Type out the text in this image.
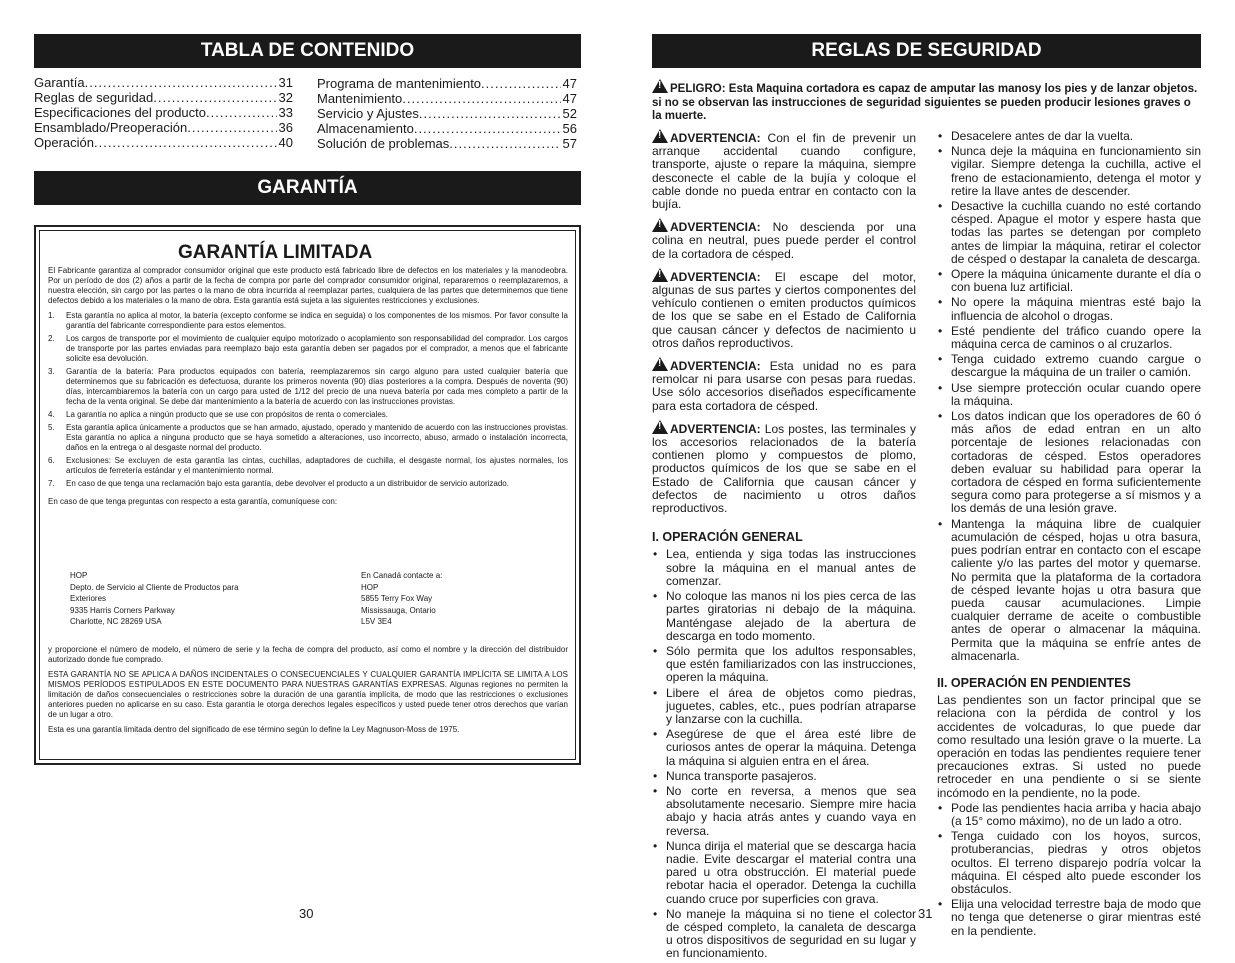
TABLA DE CONTENIDO
Garantía .....	31
Reglas de seguridad .....	32
Especificaciones del producto .....	33
Ensamblado/Preoperación .....	36
Operación .....	40
Programa de mantenimiento .....	47
Mantenimiento .....	47
Servicio y Ajustes .....	52
Almacenamiento .....	56
Solución de problemas .....	57
GARANTÍA
GARANTÍA LIMITADA

El Fabricante garantiza al comprador consumidor original que este producto está fabricado libre de defectos en los materiales y la manodeobra. Por un período de dos (2) años a partir de la fecha de compra por parte del comprador consumidor original, repararemos o reemplazaremos, a nuestra elección, sin cargo por las partes o la mano de obra incurrida al reemplazar partes, cualquiera de las partes que determinemos que tiene defectos debido a los materiales o la mano de obra. Esta garantía está sujeta a las siguientes restricciones y exclusiones.

1. Esta garantía no aplica al motor, la batería (excepto conforme se indica en seguida) o los componentes de los mismos. Por favor consulte la garantía del fabricante correspondiente para estos elementos.
2. Los cargos de transporte por el movimiento de cualquier equipo motorizado o acoplamiento son responsabilidad del comprador. Los cargos de transporte por las partes enviadas para reemplazo bajo esta garantía deben ser pagados por el comprador, a menos que el fabricante solicite esa devolución.
3. Garantía de la batería: Para productos equipados con batería, reemplazaremos sin cargo alguno para usted cualquier batería que determinemos que su fabricación es defectuosa, durante los primeros noventa (90) días posteriores a la compra. Después de noventa (90) días, intercambiaremos la batería con un cargo para usted de 1/12 del precio de una nueva batería por cada mes completo a partir de la fecha de la venta original. Se debe dar mantenimiento a la batería de acuerdo con las instrucciones provistas.
4. La garantía no aplica a ningún producto que se use con propósitos de renta o comerciales.
5. Esta garantía aplica únicamente a productos que se han armado, ajustado, operado y mantenido de acuerdo con las instrucciones provistas. Esta garantía no aplica a ninguna producto que se haya sometido a alteraciones, uso incorrecto, abuso, armado o instalación incorrecta, daños en la entrega o al desgaste normal del producto.
6. Exclusiones: Se excluyen de esta garantía las cintas, cuchillas, adaptadores de cuchilla, el desgaste normal, los ajustes normales, los artículos de ferretería estándar y el mantenimiento normal.
7. En caso de que tenga una reclamación bajo esta garantía, debe devolver el producto a un distribuidor de servicio autorizado.

En caso de que tenga preguntas con respecto a esta garantía, comuníquese con:

HOP
Depto. de Servicio al Cliente de Productos para
Exteriores
9335 Harris Corners Parkway
Charlotte, NC 28269 USA
En Canadá contacte a:
HOP
5855 Terry Fox Way
Mississauga, Ontario
L5V 3E4

y proporcione el número de modelo, el número de serie y la fecha de compra del producto, así como el nombre y la dirección del distribuidor autorizado donde fue comprado.

ESTA GARANTÍA NO SE APLICA A DAÑOS INCIDENTALES O CONSECUENCIALES Y CUALQUIER GARANTÍA IMPLÍCITA SE LIMITA A LOS MISMOS PERÍODOS ESTIPULADOS EN ESTE DOCUMENTO PARA NUESTRAS GARANTÍAS EXPRESAS. Algunas regiones no permiten la limitación de daños consecuenciales o restricciones sobre la duración de una garantía implícita, de modo que las restricciones o exclusiones anteriores pueden no aplicarse en su caso. Esta garantía le otorga derechos legales específicos y usted puede tener otros derechos que varían de un lugar a otro.

Esta es una garantía limitada dentro del significado de ese término según lo define la Ley Magnuson-Moss de 1975.

30
REGLAS DE SEGURIDAD
!PELIGRO: Esta Maquina cortadora es capaz de amputar las manosy los pies y de lanzar objetos. si no se observan las instrucciones de seguridad siguientes se pueden producir lesiones graves o la muerte.

!ADVERTENCIA: Con el fin de prevenir un arranque accidental cuando configure, transporte, ajuste o repare la máquina, siempre desconecte el cable de la bujía y coloque el cable donde no pueda entrar en contacto con la bujía.

!ADVERTENCIA: No descienda por una colina en neutral, pues puede perder el control de la cortadora de césped.

!ADVERTENCIA: El escape del motor, algunas de sus partes y ciertos componentes del vehículo contienen o emiten productos químicos de los que se sabe en el Estado de California que causan cáncer y defectos de nacimiento u otros daños reproductivos.

!ADVERTENCIA: Esta unidad no es para remolcar ni para usarse con pesas para ruedas. Use sólo accesorios diseñados específicamente para esta cortadora de césped.

!ADVERTENCIA: Los postes, las terminales y los accesorios relacionados de la batería contienen plomo y compuestos de plomo, productos químicos de los que se sabe en el Estado de California que causan cáncer y defectos de nacimiento u otros daños reproductivos.

I. OPERACIÓN GENERAL
• Lea, entienda y siga todas las instrucciones sobre la máquina en el manual antes de comenzar.
• No coloque las manos ni los pies cerca de las partes giratorias ni debajo de la máquina. Manténgase alejado de la abertura de descarga en todo momento.
• Sólo permita que los adultos responsables, que estén familiarizados con las instrucciones, operen la máquina.
• Libere el área de objetos como piedras, juguetes, cables, etc., pues podrían atraparse y lanzarse con la cuchilla.
• Asegúrese de que el área esté libre de curiosos antes de operar la máquina. Detenga la máquina si alguien entra en el área.
• Nunca transporte pasajeros.
• No corte en reversa, a menos que sea absolutamente necesario. Siempre mire hacia abajo y hacia atrás antes y cuando vaya en reversa.
• Nunca dirija el material que se descarga hacia nadie. Evite descargar el material contra una pared u otra obstrucción. El material puede rebotar hacia el operador. Detenga la cuchilla cuando cruce por superficies con grava.
• No maneje la máquina si no tiene el colector de césped completo, la canaleta de descarga u otros dispositivos de seguridad en su lugar y en funcionamiento.
• Desacelere antes de dar la vuelta.
• Nunca deje la máquina en funcionamiento sin vigilar. Siempre detenga la cuchilla, active el freno de estacionamiento, detenga el motor y retire la llave antes de descender.
• Desactive la cuchilla cuando no esté cortando césped. Apague el motor y espere hasta que todas las partes se detengan por completo antes de limpiar la máquina, retirar el colector de césped o destapar la canaleta de descarga.
• Opere la máquina únicamente durante el día o con buena luz artificial.
• No opere la máquina mientras esté bajo la influencia de alcohol o drogas.
• Esté pendiente del tráfico cuando opere la máquina cerca de caminos o al cruzarlos.
• Tenga cuidado extremo cuando cargue o descargue la máquina de un trailer o camión.
• Use siempre protección ocular cuando opere la máquina.
• Los datos indican que los operadores de 60 ó más años de edad entran en un alto porcentaje de lesiones relacionadas con cortadoras de césped. Estos operadores deben evaluar su habilidad para operar la cortadora de césped en forma suficientemente segura como para protegerse a sí mismos y a los demás de una lesión grave.
• Mantenga la máquina libre de cualquier acumulación de césped, hojas u otra basura, pues podrían entrar en contacto con el escape caliente y/o las partes del motor y quemarse. No permita que la plataforma de la cortadora de césped levante hojas u otra basura que pueda causar acumulaciones. Limpie cualquier derrame de aceite o combustible antes de operar o almacenar la máquina. Permita que la máquina se enfríe antes de almacenarla.
II. OPERACIÓN EN PENDIENTES

Las pendientes son un factor principal que se relaciona con la pérdida de control y los accidentes de volcaduras, lo que puede dar como resultado una lesión grave o la muerte. La operación en todas las pendientes requiere tener precauciones extras. Si usted no puede retroceder en una pendiente o si se siente incómodo en la pendiente, no la pode.

• Pode las pendientes hacia arriba y hacia abajo (a 15° como máximo), no de un lado a otro.
• Tenga cuidado con los hoyos, surcos, protuberancias, piedras y otros objetos ocultos. El terreno disparejo podría volcar la máquina. El césped alto puede esconder los obstáculos.
• Elija una velocidad terrestre baja de modo que no tenga que detenerse o girar mientras esté en la pendiente.
31
